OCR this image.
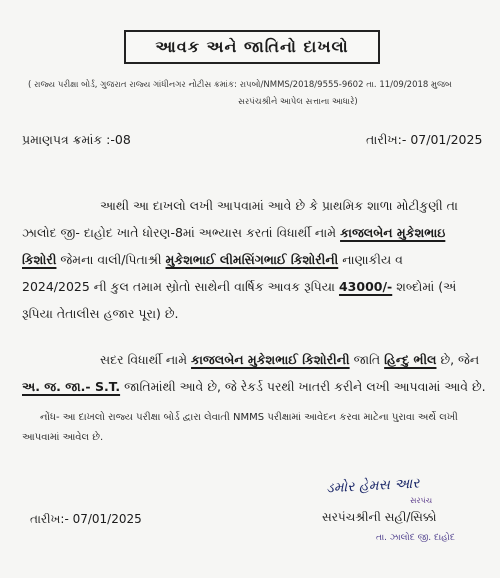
આવક અને જાતિનો દાખલો
( રાજ્ય પરીક્ષા બોર્ડ, ગુજરાત રાજ્ય ગાંધીનગર નોટીસ ક્રમાંક: રાપબો/NMMS/2018/9555-9602 તા. 11/09/2018 મુજબ
સરપંચશ્રીને આપેલ સત્તાના આધારે)
પ્રમાણપત્ર ક્રમાંક :-08	તારીખ:- 07/01/2025
આથી આ દાખલો લખી આપવામાં આવે છે કે પ્રાથમિક શાળા મોટીકુણી તા
ઝાલોદ જી- દાહોદ ખાતે ધોરણ-8માં અભ્યાસ કરતાં વિધાર્થી નામે કાજલબેન મુકેશભાઇ
કિશોરી જેમના વાલી/પિતાશ્રી મુકેશભાઈ લીમસિંગભાઈ કિશોરીની નાણાકીય વ
2024/2025 ની કુલ તમામ સ્રોતો સાથેની વાર્ષિક આવક રૂપિયા 43000/- શબ્દોમાં (અં
રૂપિયા તેતાલીસ હજાર પૂરા) છે.
સદર વિધાર્થી નામે કાજલબેન મુકેશભાઈ કિશોરીની જાતિ હિન્દુ ભીલ છે, જેન
અ. જ. જા.- S.T. જાતિમાંથી આવે છે, જે રેકર્ડ પરથી ખાતરી કરીને લખી આપવામાં આવે છે.
નોંધ- આ દાખલો રાજ્ય પરીક્ષા બોર્ડ દ્વારા લેવાતી NMMS પરીક્ષામાં આવેદન કરવા માટેના પુરાવા અર્થે લખી
આપવામાં આવેલ છે.
ડમોર હેમસ આર
સરપંચ
તારીખ:- 07/01/2025	સરપંચશ્રીની સહી/સિક્કો
તા. ઝાલોદ જી. દાહોદ
